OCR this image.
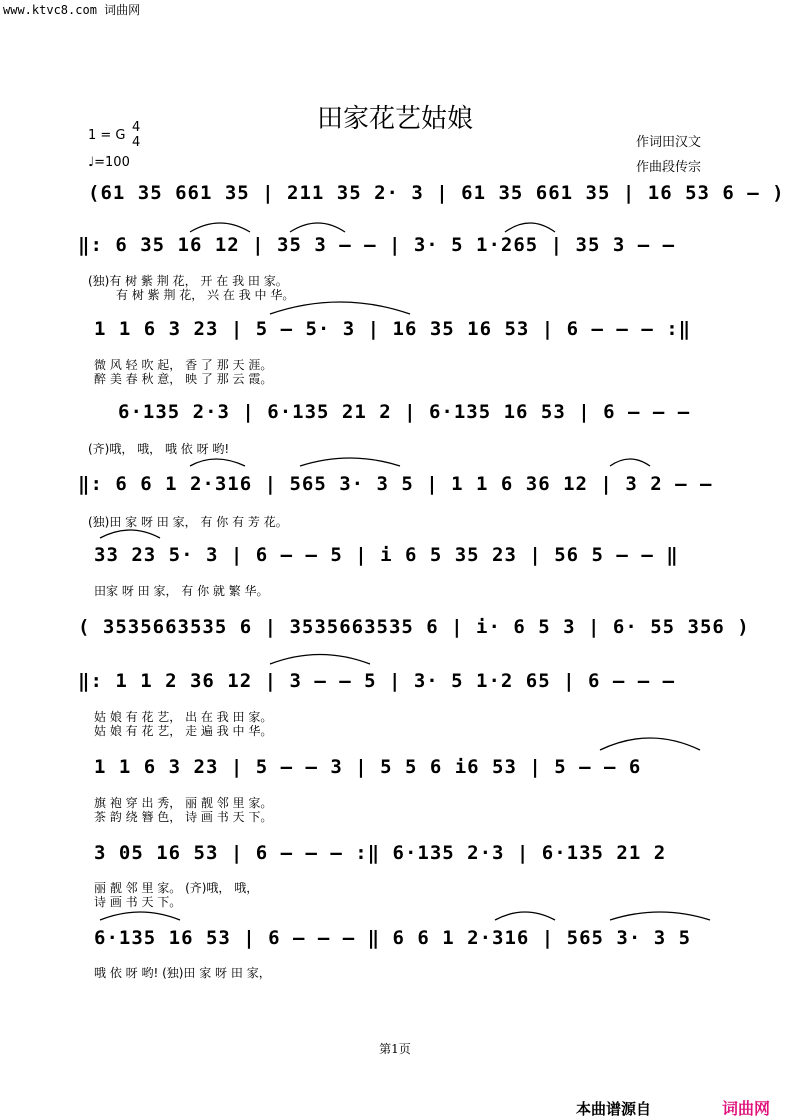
www.ktvc8.com 词曲网
田家花艺姑娘
1 = G
4
4
♩=100
作词田汉文
作曲段传宗
(61 35 661 35 | 211 35 2· 3 | 61 35 661 35 | 16 53 6 – )
‖: 6 35 16 12 | 35 3 – – | 3· 5 1·265 | 35 3 – –
1 1 6 3 23 | 5 – 5· 3 | 16 35 16 53 | 6 – – – :‖
6·135 2·3 | 6·135 21 2 | 6·135 16 53 | 6 – – –
‖: 6 6 1 2·316 | 565 3· 3 5 | 1 1 6 36 12 | 3 2 – –
33 23 5· 3 | 6 – – 5 | i 6 5 35 23 | 56 5 – – ‖
( 3535663535 6 | 3535663535 6 | i· 6 5 3 | 6· 55 356 )
‖: 1 1 2 36 12 | 3 – – 5 | 3· 5 1·2 65 | 6 – – –
1 1 6 3 23 | 5 – – 3 | 5 5 6 i6 53 | 5 – – 6
3 05 16 53 | 6 – – – :‖ 6·135 2·3 | 6·135 21 2
6·135 16 53 | 6 – – – ‖ 6 6 1 2·316 | 565 3· 3 5
(独)有 树 紫 荆 花， 开 在 我 田 家。
有 树 紫 荆 花， 兴 在 我 中 华。
微 风 轻 吹 起， 香 了 那 天 涯。
醉 美 春 秋 意， 映 了 那 云 霞。
(齐)哦， 哦， 哦 依 呀 哟!
(独)田 家 呀 田 家， 有 你 有 芳 花。
田家 呀 田 家， 有 你 就 繁 华。
姑 娘 有 花 艺， 出 在 我 田 家。
姑 娘 有 花 艺， 走 遍 我 中 华。
旗 袍 穿 出 秀， 丽 靓 邻 里 家。
茶 韵 绕 簪 色， 诗 画 书 天 下。
丽 靓 邻 里 家。 (齐)哦， 哦，
诗 画 书 天 下。
哦 依 呀 哟! (独)田 家 呀 田 家，
第1页
本曲谱源自	词曲网
